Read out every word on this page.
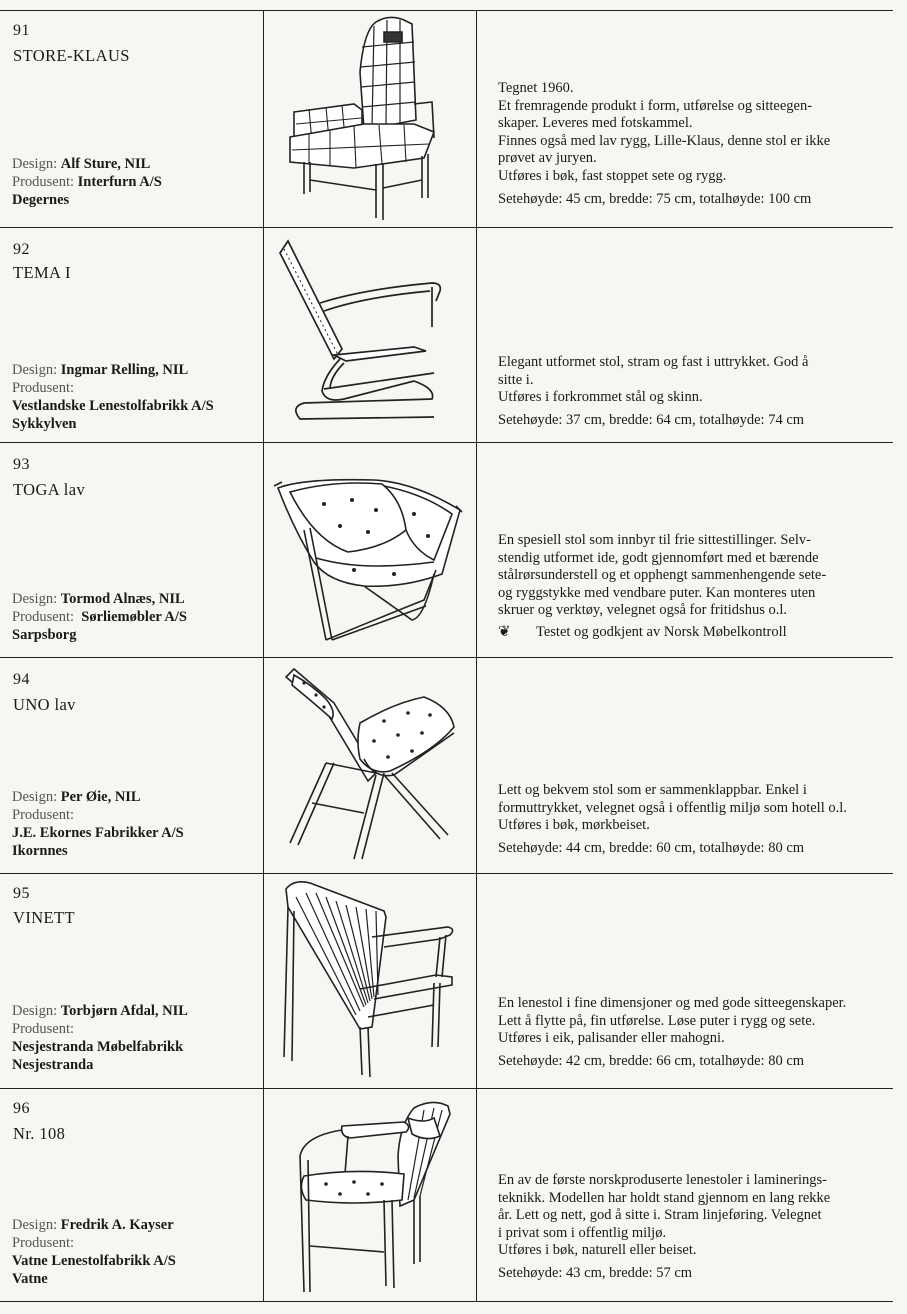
91
STORE-KLAUS
Design: Alf Sture, NIL
Produsent: Interfurn A/S
Degernes
Tegnet 1960.
Et fremragende produkt i form, utførelse og sitteegen-
skaper. Leveres med fotskammel.
Finnes også med lav rygg, Lille-Klaus, denne stol er ikke
prøvet av juryen.
Utføres i bøk, fast stoppet sete og rygg.
Setehøyde: 45 cm, bredde: 75 cm, totalhøyde: 100 cm
92
TEMA I
Design: Ingmar Relling, NIL
Produsent:
Vestlandske Lenestolfabrikk A/S
Sykkylven
Elegant utformet stol, stram og fast i uttrykket. God å
sitte i.
Utføres i forkrommet stål og skinn.
Setehøyde: 37 cm, bredde: 64 cm, totalhøyde: 74 cm
93
TOGA lav
Design: Tormod Alnæs, NIL
Produsent: Sørliemøbler A/S
Sarpsborg
En spesiell stol som innbyr til frie sittestillinger. Selv-
stendig utformet ide, godt gjennomført med et bærende
stålrørsunderstell og et opphengt sammenhengende sete-
og ryggstykke med vendbare puter. Kan monteres uten
skruer og verktøy, velegnet også for fritidshus o.l.
❦	Testet og godkjent av Norsk Møbelkontroll
94
UNO lav
Design: Per Øie, NIL
Produsent:
J.E. Ekornes Fabrikker A/S
Ikornnes
Lett og bekvem stol som er sammenklappbar. Enkel i
formuttrykket, velegnet også i offentlig miljø som hotell o.l.
Utføres i bøk, mørkbeiset.
Setehøyde: 44 cm, bredde: 60 cm, totalhøyde: 80 cm
95
VINETT
Design: Torbjørn Afdal, NIL
Produsent:
Nesjestranda Møbelfabrikk
Nesjestranda
En lenestol i fine dimensjoner og med gode sitteegenskaper.
Lett å flytte på, fin utførelse. Løse puter i rygg og sete.
Utføres i eik, palisander eller mahogni.
Setehøyde: 42 cm, bredde: 66 cm, totalhøyde: 80 cm
96
Nr. 108
Design: Fredrik A. Kayser
Produsent:
Vatne Lenestolfabrikk A/S
Vatne
En av de første norskproduserte lenestoler i laminerings-
teknikk. Modellen har holdt stand gjennom en lang rekke
år. Lett og nett, god å sitte i. Stram linjeføring. Velegnet
i privat som i offentlig miljø.
Utføres i bøk, naturell eller beiset.
Setehøyde: 43 cm, bredde: 57 cm
